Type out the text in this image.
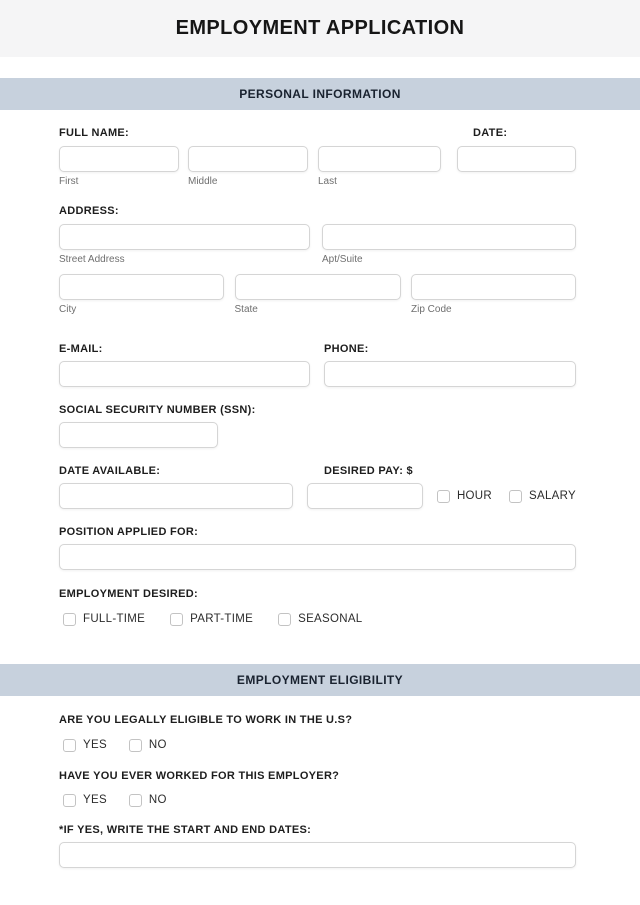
EMPLOYMENT APPLICATION
PERSONAL INFORMATION
FULL NAME:	DATE:
First	Middle	Last
ADDRESS:
Street Address	Apt/Suite
City	State	Zip Code
E-MAIL:	PHONE:
SOCIAL SECURITY NUMBER (SSN):
DATE AVAILABLE:	DESIRED PAY: $
HOUR	SALARY
POSITION APPLIED FOR:
EMPLOYMENT DESIRED:
FULL-TIME	PART-TIME	SEASONAL
EMPLOYMENT ELIGIBILITY
ARE YOU LEGALLY ELIGIBLE TO WORK IN THE U.S?
YES	NO
HAVE YOU EVER WORKED FOR THIS EMPLOYER?
YES	NO
*IF YES, WRITE THE START AND END DATES:
